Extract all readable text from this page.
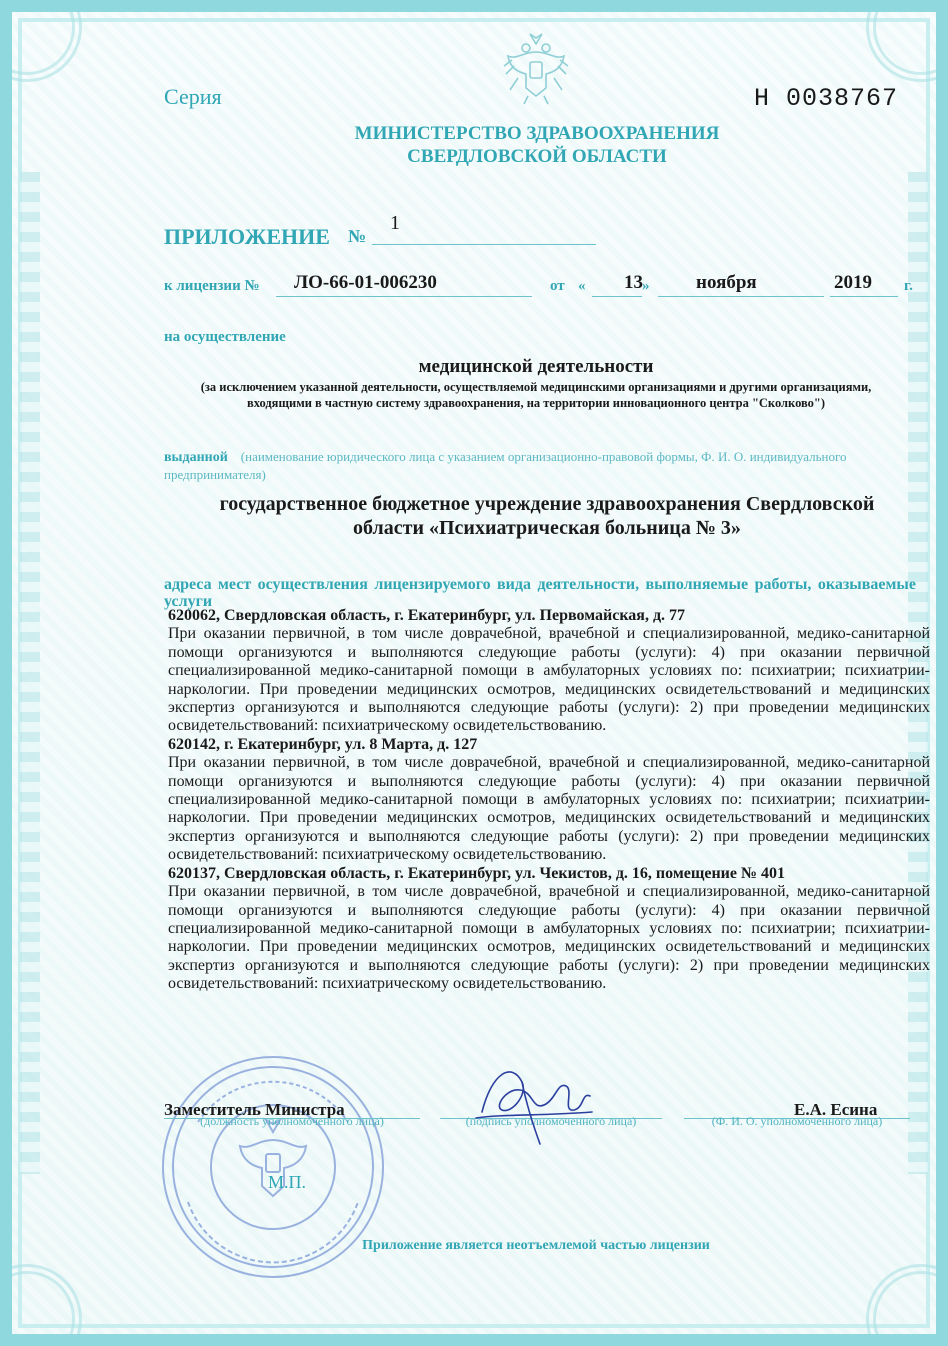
Серия	Н 0038767
МИНИСТЕРСТВО ЗДРАВООХРАНЕНИЯ
СВЕРДЛОВСКОЙ ОБЛАСТИ
ПРИЛОЖЕНИЕ №
1
к лицензии № ЛО-66-01-006230	от « 13 » ноября	2019 г.
на осуществление
медицинской деятельности
(за исключением указанной деятельности, осуществляемой медицинскими организациями и другими организациями, входящими в частную систему здравоохранения, на территории инновационного центра "Сколково")
выданной (наименование юридического лица с указанием организационно-правовой формы, Ф. И. О. индивидуального предпринимателя)
государственное бюджетное учреждение здравоохранения Свердловской области «Психиатрическая больница № 3»
адреса мест осуществления лицензируемого вида деятельности, выполняемые работы, оказываемые услуги
620062, Свердловская область, г. Екатеринбург, ул. Первомайская, д. 77
При оказании первичной, в том числе доврачебной, врачебной и специализированной, медико-санитарной помощи организуются и выполняются следующие работы (услуги): 4) при оказании первичной специализированной медико-санитарной помощи в амбулаторных условиях по: психиатрии; психиатрии-наркологии. При проведении медицинских осмотров, медицинских освидетельствований и медицинских экспертиз организуются и выполняются следующие работы (услуги): 2) при проведении медицинских освидетельствований: психиатрическому освидетельствованию.
620142, г. Екатеринбург, ул. 8 Марта, д. 127
При оказании первичной, в том числе доврачебной, врачебной и специализированной, медико-санитарной помощи организуются и выполняются следующие работы (услуги): 4) при оказании первичной специализированной медико-санитарной помощи в амбулаторных условиях по: психиатрии; психиатрии-наркологии. При проведении медицинских осмотров, медицинских освидетельствований и медицинских экспертиз организуются и выполняются следующие работы (услуги): 2) при проведении медицинских освидетельствований: психиатрическому освидетельствованию.
620137, Свердловская область, г. Екатеринбург, ул. Чекистов, д. 16, помещение № 401
При оказании первичной, в том числе доврачебной, врачебной и специализированной, медико-санитарной помощи организуются и выполняются следующие работы (услуги): 4) при оказании первичной специализированной медико-санитарной помощи в амбулаторных условиях по: психиатрии; психиатрии-наркологии. При проведении медицинских осмотров, медицинских освидетельствований и медицинских экспертиз организуются и выполняются следующие работы (услуги): 2) при проведении медицинских освидетельствований: психиатрическому освидетельствованию.
М.П.
Заместитель Министра	Е.А. Есина
(должность уполномоченного лица)	(подпись уполномоченного лица)	(Ф. И. О. уполномоченного лица)
Приложение является неотъемлемой частью лицензии
